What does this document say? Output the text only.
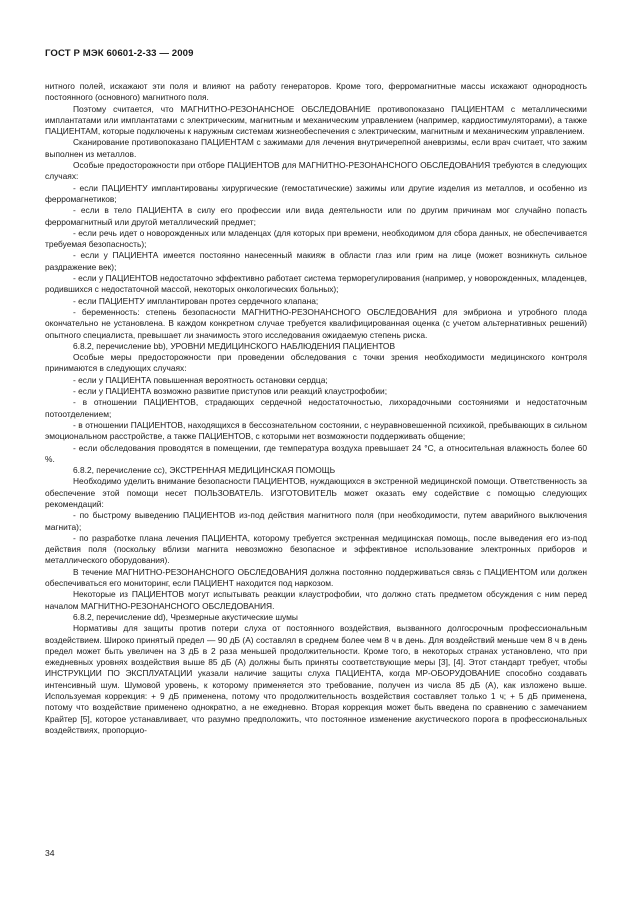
ГОСТ Р МЭК 60601-2-33 — 2009

нитного полей, искажают эти поля и влияют на работу генераторов. Кроме того, ферромагнитные массы искажают однородность постоянного (основного) магнитного поля.

Поэтому считается, что МАГНИТНО-РЕЗОНАНСНОЕ ОБСЛЕДОВАНИЕ противопоказано ПАЦИЕНТАМ с металлическими имплантатами или имплантатами с электрическим, магнитным и механическим управлением (например, кардиостимуляторами), а также ПАЦИЕНТАМ, которые подключены к наружным системам жизнеобеспечения с электрическим, магнитным и механическим управлением.

Сканирование противопоказано ПАЦИЕНТАМ с зажимами для лечения внутричерепной аневризмы, если врач считает, что зажим выполнен из металлов.

Особые предосторожности при отборе ПАЦИЕНТОВ для МАГНИТНО-РЕЗОНАНСНОГО ОБСЛЕДОВАНИЯ требуются в следующих случаях:

- если ПАЦИЕНТУ имплантированы хирургические (гемостатические) зажимы или другие изделия из металлов, и особенно из ферромагнетиков;

- если в тело ПАЦИЕНТА в силу его профессии или вида деятельности или по другим причинам мог случайно попасть ферромагнитный или другой металлический предмет;

- если речь идет о новорожденных или младенцах (для которых при времени, необходимом для сбора данных, не обеспечивается требуемая безопасность);

- если у ПАЦИЕНТА имеется постоянно нанесенный макияж в области глаз или грим на лице (может возникнуть сильное раздражение век);

- если у ПАЦИЕНТОВ недостаточно эффективно работает система терморегулирования (например, у новорожденных, младенцев, родившихся с недостаточной массой, некоторых онкологических больных);

- если ПАЦИЕНТУ имплантирован протез сердечного клапана;

- беременность: степень безопасности МАГНИТНО-РЕЗОНАНСНОГО ОБСЛЕДОВАНИЯ для эмбриона и утробного плода окончательно не установлена. В каждом конкретном случае требуется квалифицированная оценка (с учетом альтернативных решений) опытного специалиста, превышает ли значимость этого исследования ожидаемую степень риска.

6.8.2, перечисление bb), УРОВНИ МЕДИЦИНСКОГО НАБЛЮДЕНИЯ ПАЦИЕНТОВ

Особые меры предосторожности при проведении обследования с точки зрения необходимости медицинского контроля принимаются в следующих случаях:

- если у ПАЦИЕНТА повышенная вероятность остановки сердца;

- если у ПАЦИЕНТА возможно развитие приступов или реакций клаустрофобии;

- в отношении ПАЦИЕНТОВ, страдающих сердечной недостаточностью, лихорадочными состояниями и недостаточным потоотделением;

- в отношении ПАЦИЕНТОВ, находящихся в бессознательном состоянии, с неуравновешенной психикой, пребывающих в сильном эмоциональном расстройстве, а также ПАЦИЕНТОВ, с которыми нет возможности поддерживать общение;

- если обследования проводятся в помещении, где температура воздуха превышает 24 °С, а относительная влажность более 60 %.

6.8.2, перечисление cc), ЭКСТРЕННАЯ МЕДИЦИНСКАЯ ПОМОЩЬ

Необходимо уделить внимание безопасности ПАЦИЕНТОВ, нуждающихся в экстренной медицинской помощи. Ответственность за обеспечение этой помощи несет ПОЛЬЗОВАТЕЛЬ. ИЗГОТОВИТЕЛЬ может оказать ему содействие с помощью следующих рекомендаций:

- по быстрому выведению ПАЦИЕНТОВ из-под действия магнитного поля (при необходимости, путем аварийного выключения магнита);

- по разработке плана лечения ПАЦИЕНТА, которому требуется экстренная медицинская помощь, после выведения его из-под действия поля (поскольку вблизи магнита невозможно безопасное и эффективное использование электронных приборов и металлического оборудования).

В течение МАГНИТНО-РЕЗОНАНСНОГО ОБСЛЕДОВАНИЯ должна постоянно поддерживаться связь с ПАЦИЕНТОМ или должен обеспечиваться его мониторинг, если ПАЦИЕНТ находится под наркозом.

Некоторые из ПАЦИЕНТОВ могут испытывать реакции клаустрофобии, что должно стать предметом обсуждения с ним перед началом МАГНИТНО-РЕЗОНАНСНОГО ОБСЛЕДОВАНИЯ.

6.8.2, перечисление dd), Чрезмерные акустические шумы

Нормативы для защиты против потери слуха от постоянного воздействия, вызванного долгосрочным профессиональным воздействием. Широко принятый предел — 90 дБ (А) составлял в среднем более чем 8 ч в день. Для воздействий меньше чем 8 ч в день предел может быть увеличен на 3 дБ в 2 раза меньшей продолжительности. Кроме того, в некоторых странах установлено, что при ежедневных уровнях воздействия выше 85 дБ (А) должны быть приняты соответствующие меры [3], [4]. Этот стандарт требует, чтобы ИНСТРУКЦИИ ПО ЭКСПЛУАТАЦИИ указали наличие защиты слуха ПАЦИЕНТА, когда МР-ОБОРУДОВАНИЕ способно создавать интенсивный шум. Шумовой уровень, к которому применяется это требование, получен из числа 85 дБ (А), как изложено выше. Используемая коррекция: + 9 дБ применена, потому что продолжительность воздействия составляет только 1 ч; + 5 дБ применена, потому что воздействие применено однократно, а не ежедневно. Вторая коррекция может быть введена по сравнению с замечанием Крайтер [5], которое устанавливает, что разумно предположить, что постоянное изменение акустического порога в профессиональных воздействиях, пропорцио-

34
